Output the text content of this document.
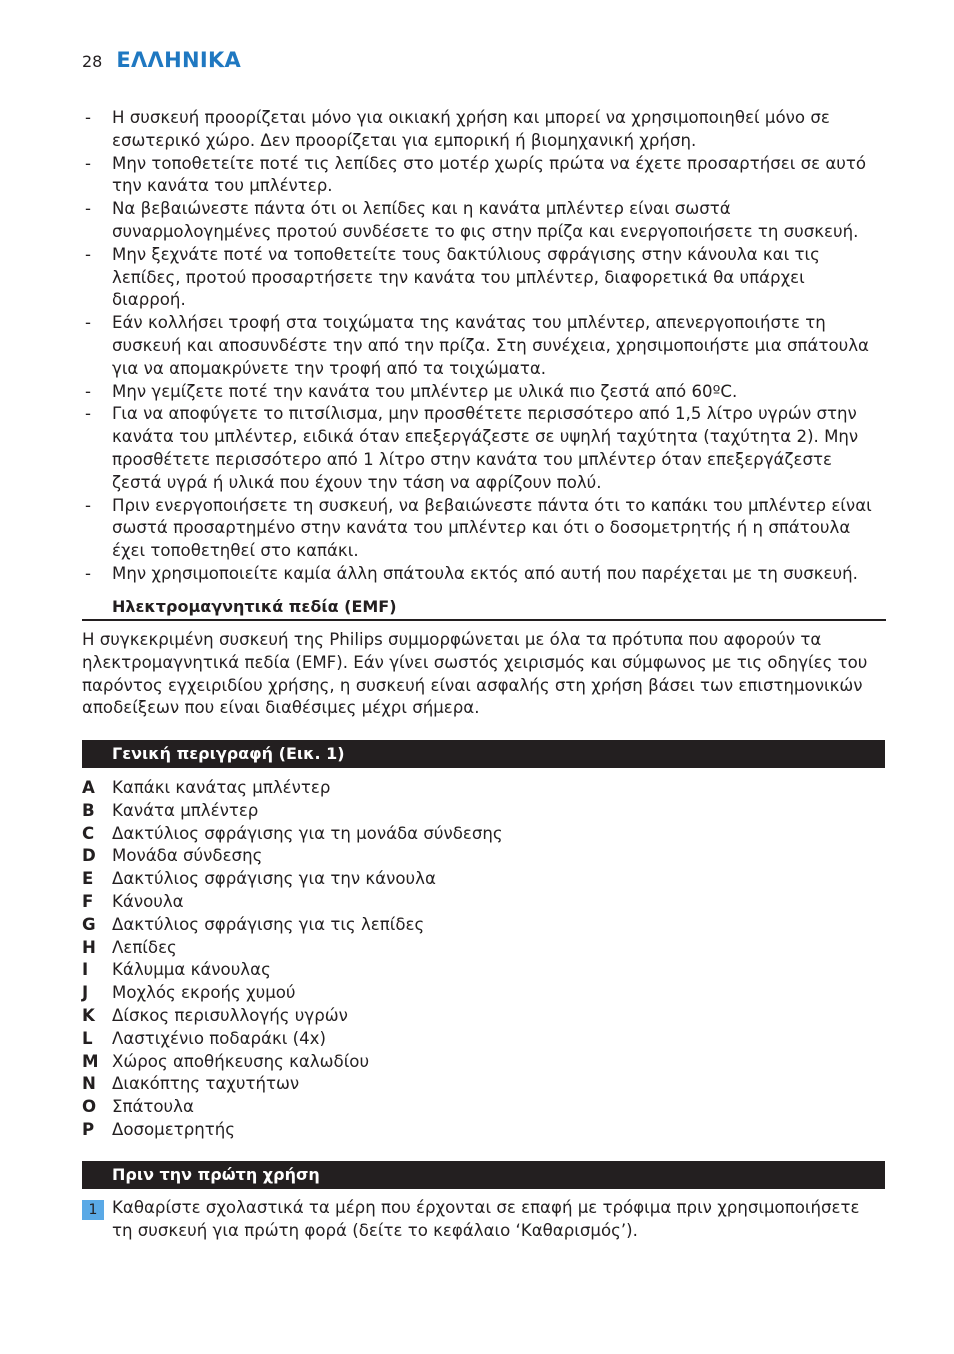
28 ΕΛΛΗΝΙΚΑ
- Η συσκευή προορίζεται μόνο για οικιακή χρήση και μπορεί να χρησιμοποιηθεί μόνο σε εσωτερικό χώρο. Δεν προορίζεται για εμπορική ή βιομηχανική χρήση.
- Μην τοποθετείτε ποτέ τις λεπίδες στο μοτέρ χωρίς πρώτα να έχετε προσαρτήσει σε αυτό την κανάτα του μπλέντερ.
- Να βεβαιώνεστε πάντα ότι οι λεπίδες και η κανάτα μπλέντερ είναι σωστά συναρμολογημένες προτού συνδέσετε το φις στην πρίζα και ενεργοποιήσετε τη συσκευή.
- Μην ξεχνάτε ποτέ να τοποθετείτε τους δακτύλιους σφράγισης στην κάνουλα και τις λεπίδες, προτού προσαρτήσετε την κανάτα του μπλέντερ, διαφορετικά θα υπάρχει διαρροή.
- Εάν κολλήσει τροφή στα τοιχώματα της κανάτας του μπλέντερ, απενεργοποιήστε τη συσκευή και αποσυνδέστε την από την πρίζα. Στη συνέχεια, χρησιμοποιήστε μια σπάτουλα για να απομακρύνετε την τροφή από τα τοιχώματα.
- Μην γεμίζετε ποτέ την κανάτα του μπλέντερ με υλικά πιο ζεστά από 60ºC.
- Για να αποφύγετε το πιτσίλισμα, μην προσθέτετε περισσότερο από 1,5 λίτρο υγρών στην κανάτα του μπλέντερ, ειδικά όταν επεξεργάζεστε σε υψηλή ταχύτητα (ταχύτητα 2). Μην προσθέτετε περισσότερο από 1 λίτρο στην κανάτα του μπλέντερ όταν επεξεργάζεστε ζεστά υγρά ή υλικά που έχουν την τάση να αφρίζουν πολύ.
- Πριν ενεργοποιήσετε τη συσκευή, να βεβαιώνεστε πάντα ότι το καπάκι του μπλέντερ είναι σωστά προσαρτημένο στην κανάτα του μπλέντερ και ότι ο δοσομετρητής ή η σπάτουλα έχει τοποθετηθεί στο καπάκι.
- Μην χρησιμοποιείτε καμία άλλη σπάτουλα εκτός από αυτή που παρέχεται με τη συσκευή.
Ηλεκτρομαγνητικά πεδία (EMF)
Η συγκεκριμένη συσκευή της Philips συμμορφώνεται με όλα τα πρότυπα που αφορούν τα ηλεκτρομαγνητικά πεδία (EMF). Εάν γίνει σωστός χειρισμός και σύμφωνος με τις οδηγίες του παρόντος εγχειριδίου χρήσης, η συσκευή είναι ασφαλής στη χρήση βάσει των επιστημονικών αποδείξεων που είναι διαθέσιμες μέχρι σήμερα.
Γενική περιγραφή (Εικ. 1)
A Καπάκι κανάτας μπλέντερ
B Κανάτα μπλέντερ
C Δακτύλιος σφράγισης για τη μονάδα σύνδεσης
D Μονάδα σύνδεσης
E Δακτύλιος σφράγισης για την κάνουλα
F Κάνουλα
G Δακτύλιος σφράγισης για τις λεπίδες
H Λεπίδες
I Κάλυμμα κάνουλας
J Μοχλός εκροής χυμού
K Δίσκος περισυλλογής υγρών
L Λαστιχένιο ποδαράκι (4x)
M Χώρος αποθήκευσης καλωδίου
N Διακόπτης ταχυτήτων
O Σπάτουλα
P Δοσομετρητής
Πριν την πρώτη χρήση
1 Καθαρίστε σχολαστικά τα μέρη που έρχονται σε επαφή με τρόφιμα πριν χρησιμοποιήσετε τη συσκευή για πρώτη φορά (δείτε το κεφάλαιο ‘Καθαρισμός’).
